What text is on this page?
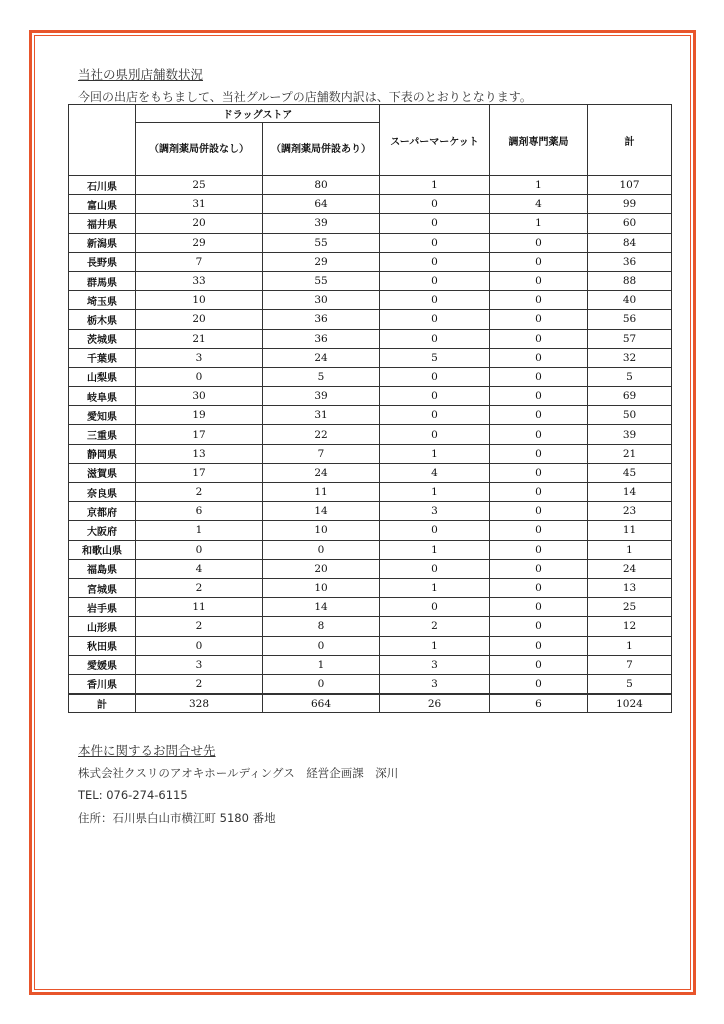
当社の県別店舗数状況
今回の出店をもちまして、当社グループの店舗数内訳は、下表のとおりとなります。
	ドラッグストア		スーパーマーケット	調剤専門薬局	計
	（調剤薬局併設なし）	（調剤薬局併設あり）			
石川県	25	80	1	1	107
富山県	31	64	0	4	99
福井県	20	39	0	1	60
新潟県	29	55	0	0	84
長野県	7	29	0	0	36
群馬県	33	55	0	0	88
埼玉県	10	30	0	0	40
栃木県	20	36	0	0	56
茨城県	21	36	0	0	57
千葉県	3	24	5	0	32
山梨県	0	5	0	0	5
岐阜県	30	39	0	0	69
愛知県	19	31	0	0	50
三重県	17	22	0	0	39
静岡県	13	7	1	0	21
滋賀県	17	24	4	0	45
奈良県	2	11	1	0	14
京都府	6	14	3	0	23
大阪府	1	10	0	0	11
和歌山県	0	0	1	0	1
福島県	4	20	0	0	24
宮城県	2	10	1	0	13
岩手県	11	14	0	0	25
山形県	2	8	2	0	12
秋田県	0	0	1	0	1
愛媛県	3	1	3	0	7
香川県	2	0	3	0	5
計	328	664	26	6	1024
本件に関するお問合せ先
株式会社クスリのアオキホールディングス　経営企画課　深川
TEL: 076-274-6115
住所：石川県白山市横江町 5180 番地
